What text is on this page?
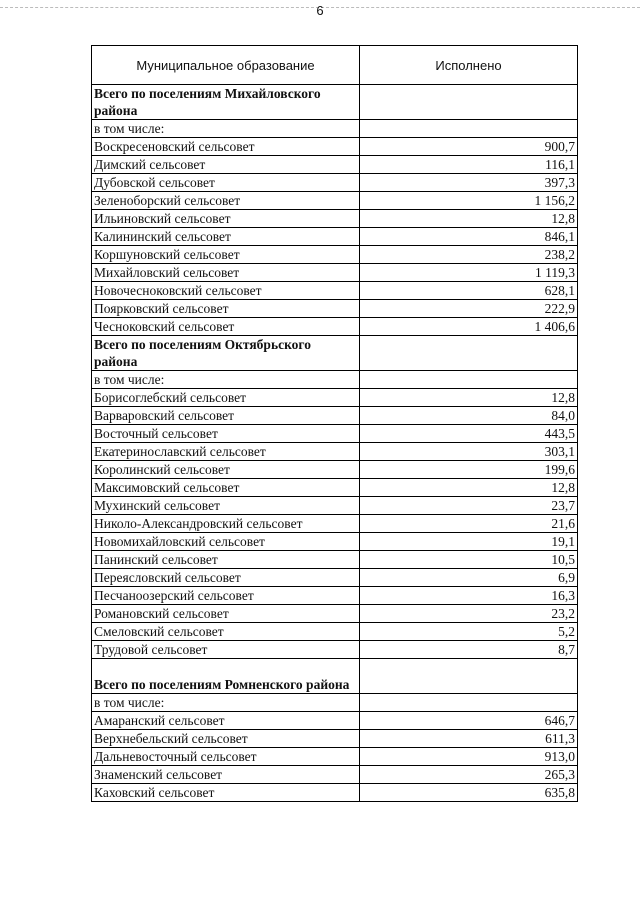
6
Муниципальное образование	Исполнено
Всего по поселениям Михайловского района	
в том числе:	
Воскресеновский сельсовет	900,7
Димский сельсовет	116,1
Дубовской сельсовет	397,3
Зеленоборский сельсовет	1 156,2
Ильиновский сельсовет	12,8
Калининский сельсовет	846,1
Коршуновский сельсовет	238,2
Михайловский сельсовет	1 119,3
Новочесноковский сельсовет	628,1
Поярковский сельсовет	222,9
Чесноковский сельсовет	1 406,6
Всего по поселениям Октябрьского района	
в том числе:	
Борисоглебский сельсовет	12,8
Варваровский сельсовет	84,0
Восточный сельсовет	443,5
Екатеринославский сельсовет	303,1
Королинский сельсовет	199,6
Максимовский сельсовет	12,8
Мухинский сельсовет	23,7
Николо-Александровский сельсовет	21,6
Новомихайловский сельсовет	19,1
Панинский сельсовет	10,5
Переясловский сельсовет	6,9
Песчаноозерский сельсовет	16,3
Романовский сельсовет	23,2
Смеловский сельсовет	5,2
Трудовой сельсовет	8,7
Всего по поселениям Ромненского района	
в том числе:	
Амаранский сельсовет	646,7
Верхнебельский сельсовет	611,3
Дальневосточный сельсовет	913,0
Знаменский сельсовет	265,3
Каховский сельсовет	635,8
